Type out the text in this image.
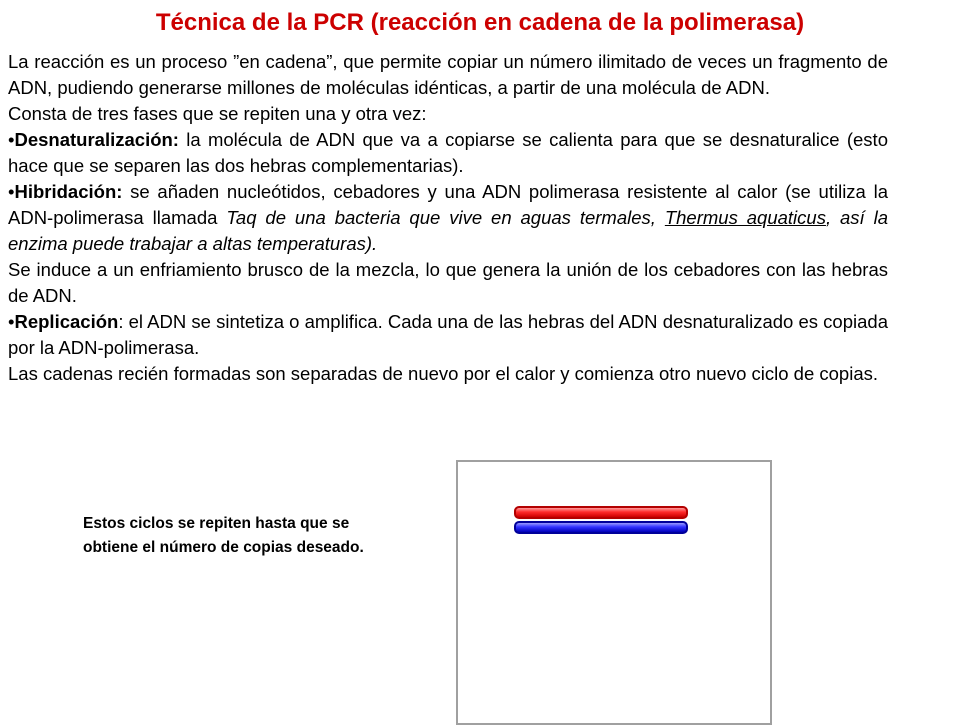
Técnica de la PCR (reacción en cadena de la polimerasa)

La reacción es un proceso ”en cadena”, que permite copiar un número ilimitado de veces un fragmento de ADN, pudiendo generarse millones de moléculas idénticas, a partir de una molécula de ADN.

Consta de tres fases que se repiten una y otra vez:

•Desnaturalización: la molécula de ADN que va a copiarse se calienta para que se desnaturalice (esto hace que se separen las dos hebras complementarias).

•Hibridación: se añaden nucleótidos, cebadores y una ADN polimerasa resistente al calor (se utiliza la ADN-polimerasa llamada Taq de una bacteria que vive en aguas termales, Thermus aquaticus, así la enzima puede trabajar a altas temperaturas).

Se induce a un enfriamiento brusco de la mezcla, lo que genera la unión de los cebadores con las hebras de ADN.

•Replicación: el ADN se sintetiza o amplifica. Cada una de las hebras del ADN desnaturalizado es copiada por la ADN-polimerasa.

Las cadenas recién formadas son separadas de nuevo por el calor y comienza otro nuevo ciclo de copias.

Estos ciclos se repiten hasta que se obtiene el número de copias deseado.
